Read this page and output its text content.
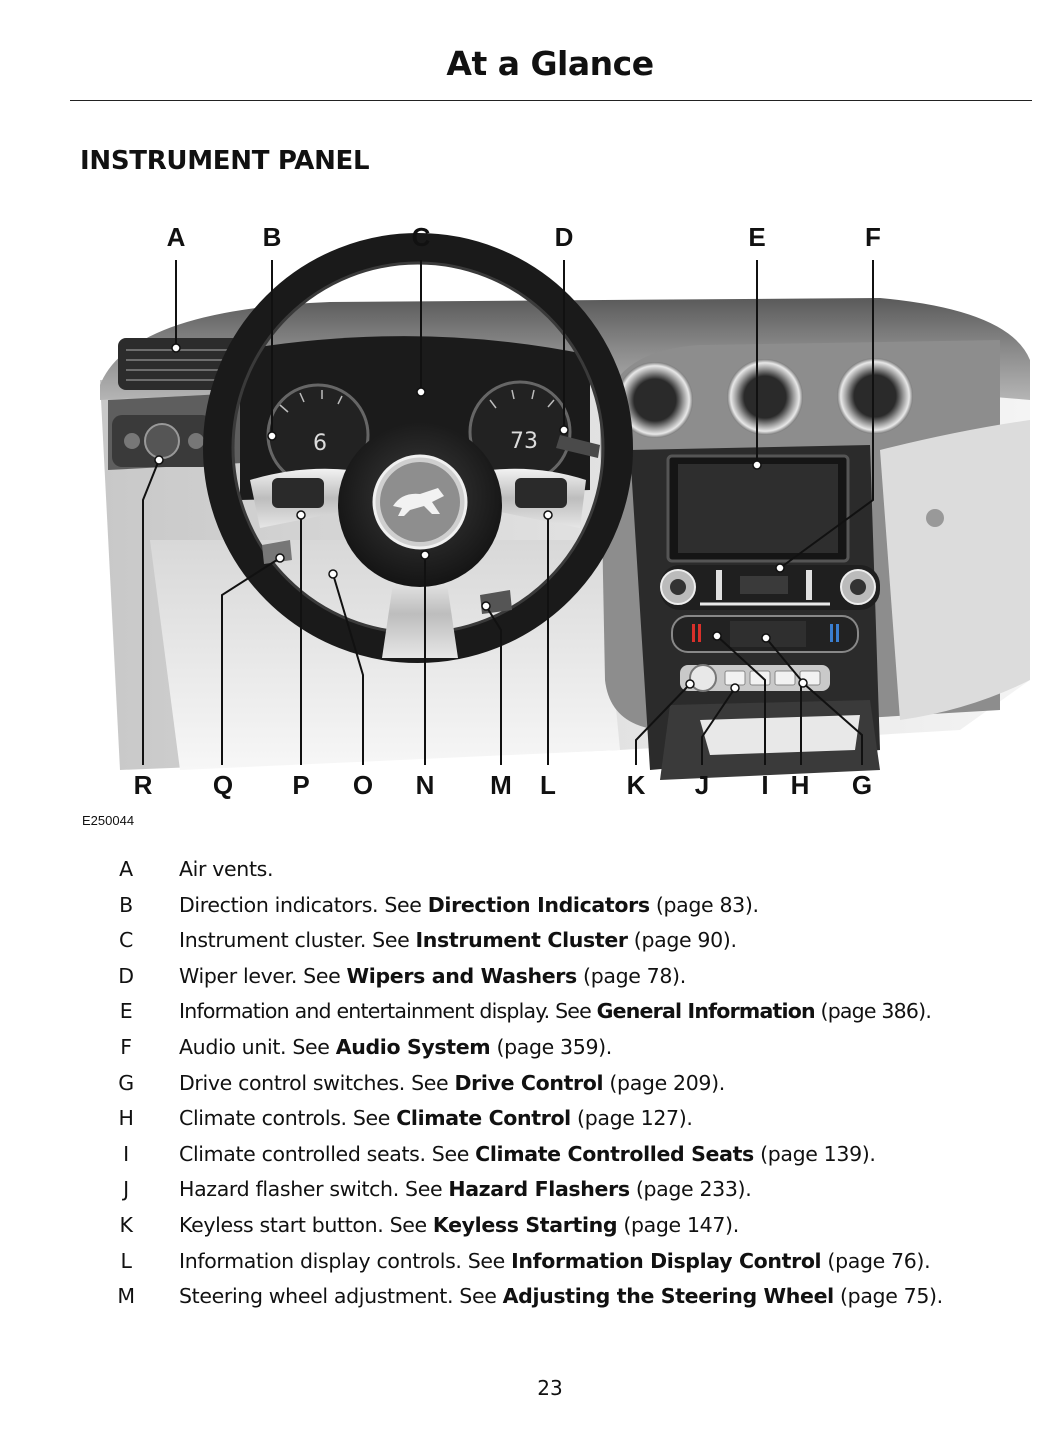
At a Glance
INSTRUMENT PANEL
6	73
A	B	C	D	E	F
R Q P O N M L	K J I H G
E250044
A Air vents.
B Direction indicators. See Direction Indicators (page 83).
C Instrument cluster. See Instrument Cluster (page 90).
D Wiper lever. See Wipers and Washers (page 78).
E Information and entertainment display. See General Information (page 386).
F Audio unit. See Audio System (page 359).
G Drive control switches. See Drive Control (page 209).
H Climate controls. See Climate Control (page 127).
I	Climate controlled seats. See Climate Controlled Seats (page 139).
J	Hazard flasher switch. See Hazard Flashers (page 233).
K Keyless start button. See Keyless Starting (page 147).
L Information display controls. See Information Display Control (page 76).
M Steering wheel adjustment. See Adjusting the Steering Wheel (page 75).
23
